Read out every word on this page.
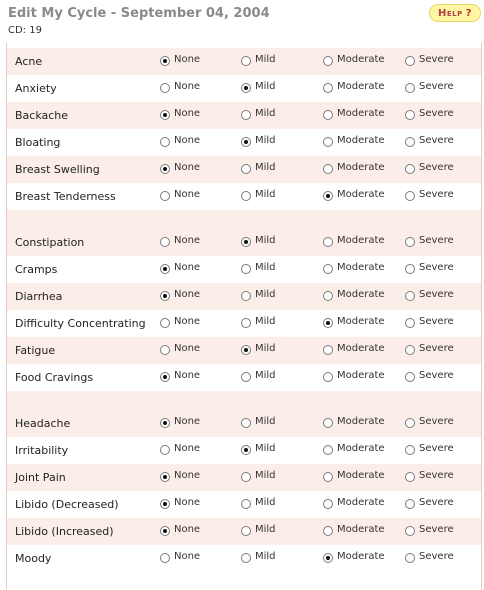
Edit My Cycle - September 04, 2004
CD: 19
Help ?
Acne	None	Mild	Moderate	Severe
Anxiety	None	Mild	Moderate	Severe
Backache	None	Mild	Moderate	Severe
Bloating	None	Mild	Moderate	Severe
Breast Swelling	None	Mild	Moderate	Severe
Breast Tenderness	None	Mild	Moderate	Severe
Constipation	None	Mild	Moderate	Severe
Cramps	None	Mild	Moderate	Severe
Diarrhea	None	Mild	Moderate	Severe
Difficulty Concentrating	None	Mild	Moderate	Severe
Fatigue	None	Mild	Moderate	Severe
Food Cravings	None	Mild	Moderate	Severe
Headache	None	Mild	Moderate	Severe
Irritability	None	Mild	Moderate	Severe
Joint Pain	None	Mild	Moderate	Severe
Libido (Decreased)	None	Mild	Moderate	Severe
Libido (Increased)	None	Mild	Moderate	Severe
Moody	None	Mild	Moderate	Severe
